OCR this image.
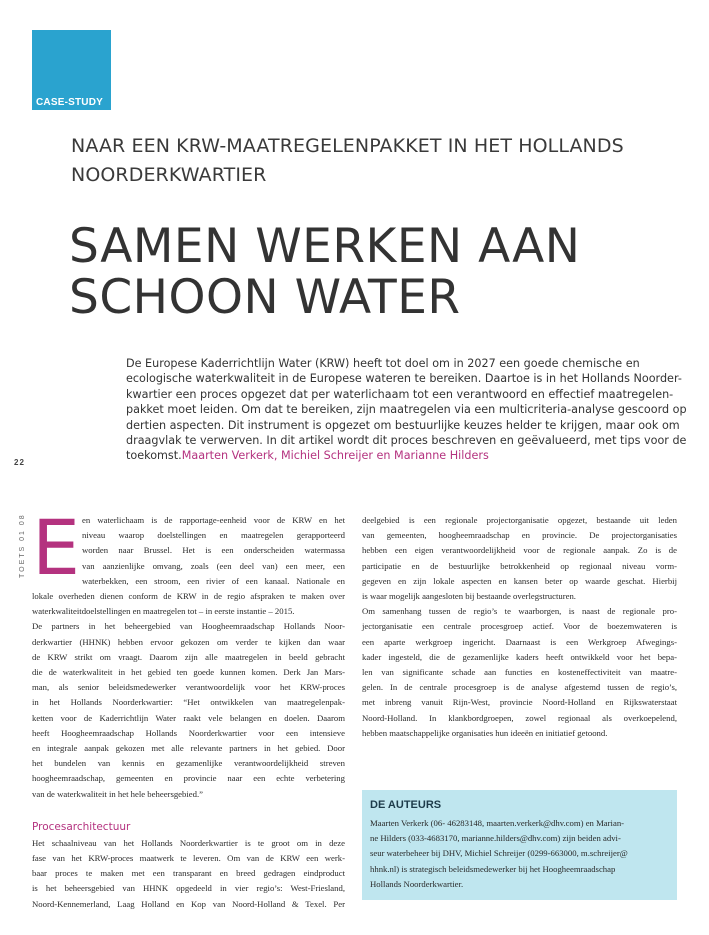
CASE-STUDY
NAAR EEN KRW-MAATREGELENPAKKET IN HET HOLLANDS
NOORDERKWARTIER
SAMEN WERKEN AAN
SCHOON WATER
De Europese Kaderrichtlijn Water (KRW) heeft tot doel om in 2027 een goede chemische en
ecologische waterkwaliteit in de Europese wateren te bereiken. Daartoe is in het Hollands Noorder-
kwartier een proces opgezet dat per waterlichaam tot een verantwoord en effectief maatregelen-
pakket moet leiden. Om dat te bereiken, zijn maatregelen via een multicriteria-analyse gescoord op
dertien aspecten. Dit instrument is opgezet om bestuurlijke keuzes helder te krijgen, maar ook om
draagvlak te verwerven. In dit artikel wordt dit proces beschreven en geëvalueerd, met tips voor de
toekomst.Maarten Verkerk, Michiel Schreijer en Marianne Hilders
22
TOETS 01 08 E en waterlichaam is de rapportage-eenheid voor de KRW en het
niveau waarop doelstellingen en maatregelen gerapporteerd
worden naar Brussel. Het is een onderscheiden watermassa
van aanzienlijke omvang, zoals (een deel van) een meer, een
waterbekken, een stroom, een rivier of een kanaal. Nationale en
lokale overheden dienen conform de KRW in de regio afspraken te maken over
waterkwaliteitdoelstellingen en maatregelen tot – in eerste instantie – 2015.
De partners in het beheergebied van Hoogheemraadschap Hollands Noor-
derkwartier (HHNK) hebben ervoor gekozen om verder te kijken dan waar
de KRW strikt om vraagt. Daarom zijn alle maatregelen in beeld gebracht
die de waterkwaliteit in het gebied ten goede kunnen komen. Derk Jan Mars-
man, als senior beleidsmedewerker verantwoordelijk voor het KRW-proces
in het Hollands Noorderkwartier: “Het ontwikkelen van maatregelenpak-
ketten voor de Kaderrichtlijn Water raakt vele belangen en doelen. Daarom
heeft Hoogheemraadschap Hollands Noorderkwartier voor een intensieve
en integrale aanpak gekozen met alle relevante partners in het gebied. Door
het bundelen van kennis en gezamenlijke verantwoordelijkheid streven
hoogheemraadschap, gemeenten en provincie naar een echte verbetering
van de waterkwaliteit in het hele beheersgebied.”
Procesarchitectuur
Het schaalniveau van het Hollands Noorderkwartier is te groot om in deze
fase van het KRW-proces maatwerk te leveren. Om van de KRW een werk-
baar proces te maken met een transparant en breed gedragen eindproduct
is het beheersgebied van HHNK opgedeeld in vier regio’s: West-Friesland,
Noord-Kennemerland, Laag Holland en Kop van Noord-Holland & Texel. Per
deelgebied is een regionale projectorganisatie opgezet, bestaande uit leden
van gemeenten, hoogheemraadschap en provincie. De projectorganisaties
hebben een eigen verantwoordelijkheid voor de regionale aanpak. Zo is de
participatie en de bestuurlijke betrokkenheid op regionaal niveau vorm-
gegeven en zijn lokale aspecten en kansen beter op waarde geschat. Hierbij
is waar mogelijk aangesloten bij bestaande overlegstructuren.
Om samenhang tussen de regio’s te waarborgen, is naast de regionale pro-
jectorganisatie een centrale procesgroep actief. Voor de boezemwateren is
een aparte werkgroep ingericht. Daarnaast is een Werkgroep Afwegings-
kader ingesteld, die de gezamenlijke kaders heeft ontwikkeld voor het bepa-
len van significante schade aan functies en kosteneffectiviteit van maatre-
gelen. In de centrale procesgroep is de analyse afgestemd tussen de regio’s,
met inbreng vanuit Rijn-West, provincie Noord-Holland en Rijkswaterstaat
Noord-Holland. In klankbordgroepen, zowel regionaal als overkoepelend,
hebben maatschappelijke organisaties hun ideeën en initiatief getoond.
DE AUTEURS
Maarten Verkerk (06- 46283148, maarten.verkerk@dhv.com) en Marian-
ne Hilders (033-4683170, marianne.hilders@dhv.com) zijn beiden advi-
seur waterbeheer bij DHV, Michiel Schreijer (0299-663000, m.schreijer@
hhnk.nl) is strategisch beleidsmedewerker bij het Hoogheemraadschap
Hollands Noorderkwartier.
